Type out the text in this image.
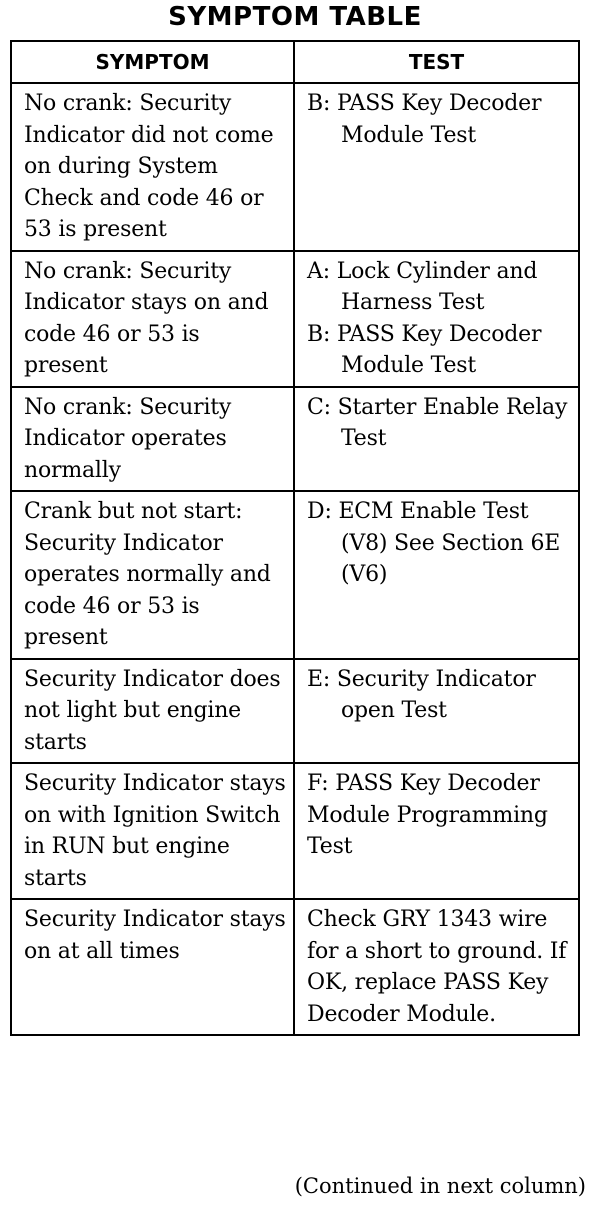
SYMPTOM TABLE
SYMPTOM	TEST
No crank: Security Indicator did not come on during System Check and code 46 or 53 is present	B: PASS Key Decoder Module Test

No crank: Security Indicator stays on and code 46 or 53 is present	A: Lock Cylinder and Harness Test
B: PASS Key Decoder Module Test

No crank: Security Indicator operates normally	C: Starter Enable Relay Test

Crank but not start: Security Indicator operates normally and code 46 or 53 is present	D: ECM Enable Test (V8) See Section 6E (V6)

Security Indicator does not light but engine starts	E: Security Indicator open Test

Security Indicator stays on with Ignition Switch in RUN but engine starts	F: PASS Key Decoder Module Programming Test

Security Indicator stays on at all times	Check GRY 1343 wire for a short to ground. If OK, replace PASS Key Decoder Module.
(Continued in next column)
